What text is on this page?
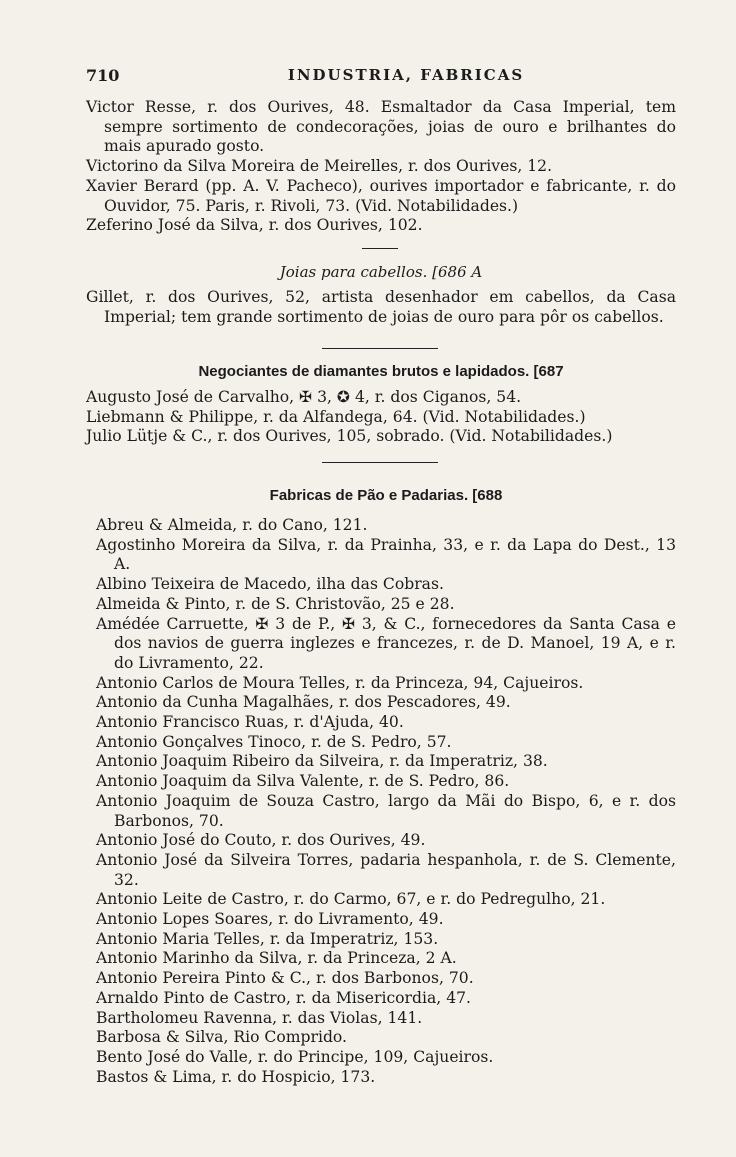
710	INDUSTRIA, FABRICAS
Victor Resse, r. dos Ourives, 48. Esmaltador da Casa Imperial, tem sempre sortimento de condecorações, joias de ouro e brilhantes do mais apurado gosto.
Victorino da Silva Moreira de Meirelles, r. dos Ourives, 12.
Xavier Berard (pp. A. V. Pacheco), ourives importador e fabricante, r. do Ouvidor, 75. Paris, r. Rivoli, 73. (Vid. Notabilidades.)
Zeferino José da Silva, r. dos Ourives, 102.
Joias para cabellos. [686 A
Gillet, r. dos Ourives, 52, artista desenhador em cabellos, da Casa Imperial; tem grande sortimento de joias de ouro para pôr os cabellos.
Negociantes de diamantes brutos e lapidados. [687
Augusto José de Carvalho, ✠ 3, ✪ 4, r. dos Ciganos, 54.
Liebmann & Philippe, r. da Alfandega, 64. (Vid. Notabilidades.)
Julio Lütje & C., r. dos Ourives, 105, sobrado. (Vid. Notabilidades.)
Fabricas de Pão e Padarias. [688
Abreu & Almeida, r. do Cano, 121.
Agostinho Moreira da Silva, r. da Prainha, 33, e r. da Lapa do Dest., 13 A.
Albino Teixeira de Macedo, ilha das Cobras.
Almeida & Pinto, r. de S. Christovão, 25 e 28.
Amédée Carruette, ✠ 3 de P., ✠ 3, & C., fornecedores da Santa Casa e dos navios de guerra inglezes e francezes, r. de D. Manoel, 19 A, e r. do Livramento, 22.
Antonio Carlos de Moura Telles, r. da Princeza, 94, Cajueiros.
Antonio da Cunha Magalhães, r. dos Pescadores, 49.
Antonio Francisco Ruas, r. d'Ajuda, 40.
Antonio Gonçalves Tinoco, r. de S. Pedro, 57.
Antonio Joaquim Ribeiro da Silveira, r. da Imperatriz, 38.
Antonio Joaquim da Silva Valente, r. de S. Pedro, 86.
Antonio Joaquim de Souza Castro, largo da Mãi do Bispo, 6, e r. dos Barbonos, 70.
Antonio José do Couto, r. dos Ourives, 49.
Antonio José da Silveira Torres, padaria hespanhola, r. de S. Clemente, 32.
Antonio Leite de Castro, r. do Carmo, 67, e r. do Pedregulho, 21.
Antonio Lopes Soares, r. do Livramento, 49.
Antonio Maria Telles, r. da Imperatriz, 153.
Antonio Marinho da Silva, r. da Princeza, 2 A.
Antonio Pereira Pinto & C., r. dos Barbonos, 70.
Arnaldo Pinto de Castro, r. da Misericordia, 47.
Bartholomeu Ravenna, r. das Violas, 141.
Barbosa & Silva, Rio Comprido.
Bento José do Valle, r. do Principe, 109, Cajueiros.
Bastos & Lima, r. do Hospicio, 173.
